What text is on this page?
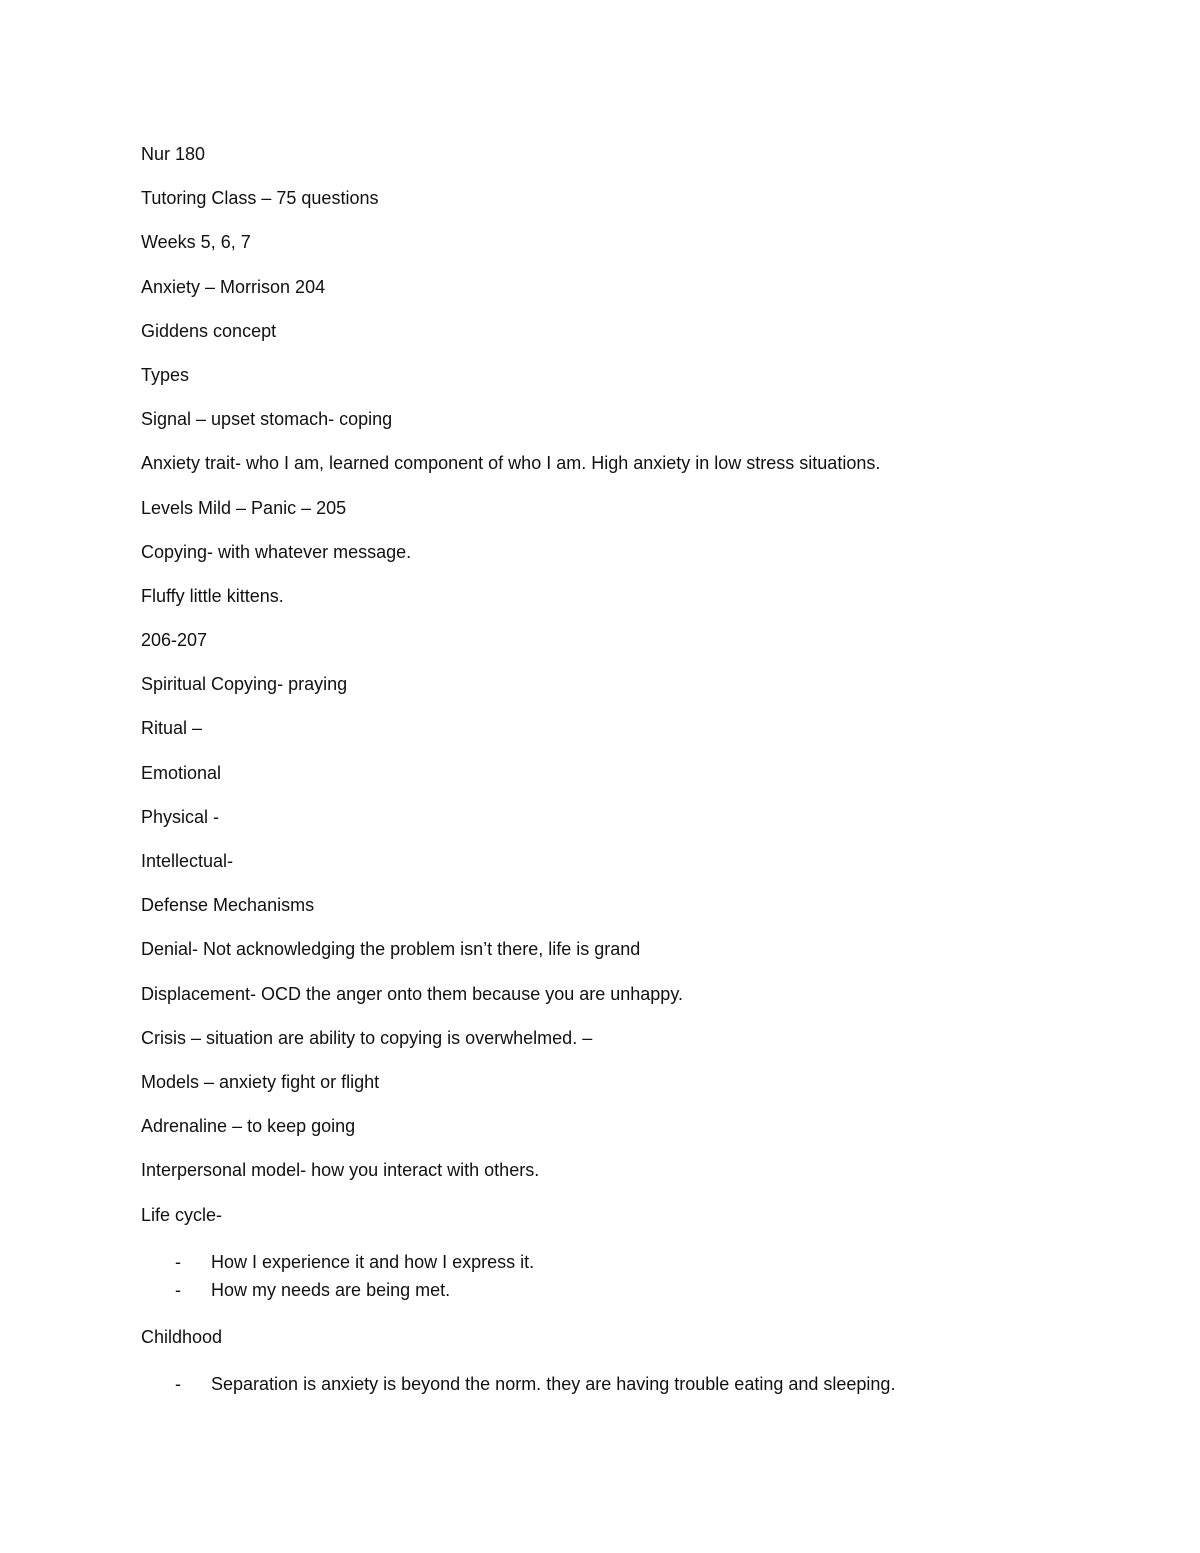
Nur 180

Tutoring Class – 75 questions

Weeks 5, 6, 7

Anxiety – Morrison 204

Giddens concept

Types

Signal – upset stomach- coping

Anxiety trait- who I am, learned component of who I am. High anxiety in low stress situations.

Levels Mild – Panic – 205

Copying- with whatever message.

Fluffy little kittens.

206-207

Spiritual Copying- praying

Ritual –

Emotional

Physical -

Intellectual-

Defense Mechanisms

Denial- Not acknowledging the problem isn’t there, life is grand

Displacement- OCD the anger onto them because you are unhappy.

Crisis – situation are ability to copying is overwhelmed. –

Models – anxiety fight or flight

Adrenaline – to keep going

Interpersonal model- how you interact with others.

Life cycle-

- How I experience it and how I express it.
- How my needs are being met.

Childhood

- Separation is anxiety is beyond the norm. they are having trouble eating and sleeping.
